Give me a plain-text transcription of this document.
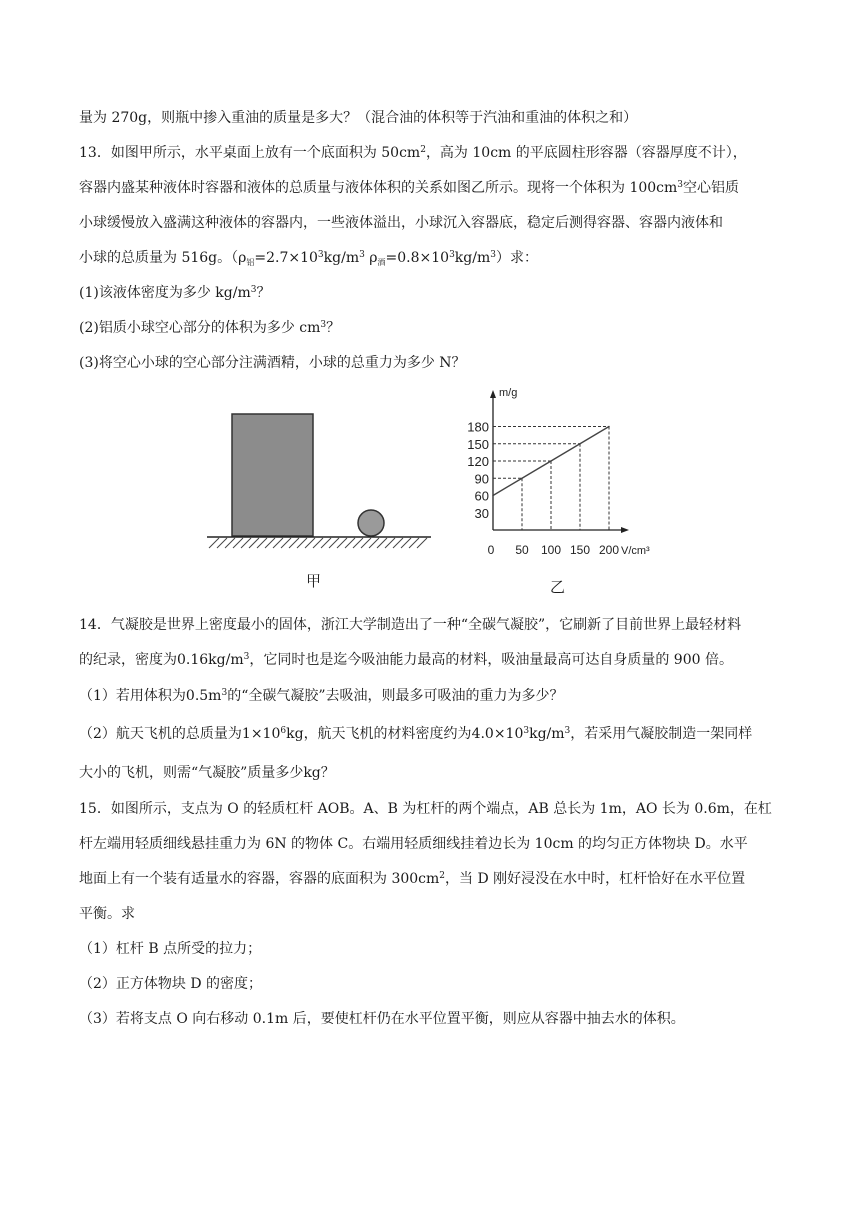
量为 270g，则瓶中掺入重油的质量是多大？（混合油的体积等于汽油和重油的体积之和）
13．如图甲所示，水平桌面上放有一个底面积为 $50cm^2$，高为 10cm 的平底圆柱形容器（容器厚度不计），
容器内盛某种液体时容器和液体的总质量与液体体积的关系如图乙所示。现将一个体积为 $100cm^3$空心铝质
小球缓慢放入盛满这种液体的容器内，一些液体溢出，小球沉入容器底，稳定后测得容器、容器内液体和
小球的总质量为 516g。（$\rho_铝=2.7\times 10^3kg/m^3$ $\rho_酒=0.8\times 10^3kg/m^3$）求：
(1)该液体密度为多少 $kg/m^3$？
(2)铝质小球空心部分的体积为多少 $cm^3$？
(3)将空心小球的空心部分注满酒精，小球的总重力为多少 N？
甲
m/g
V/cm³
30
60
90
120
150
180
0 50 100 150 200
乙
14．气凝胶是世界上密度最小的固体，浙江大学制造出了一种“全碳气凝胶”，它刷新了目前世界上最轻材料
的纪录，密度为$0.16kg/m^3$，它同时也是迄今吸油能力最高的材料，吸油量最高可达自身质量的 900 倍。
（1）若用体积为$0.5m^3$的“全碳气凝胶”去吸油，则最多可吸油的重力为多少？
（2）航天飞机的总质量为$1\times 10^6kg$，航天飞机的材料密度约为$4.0\times 10^3kg/m^3$，若采用气凝胶制造一架同样
大小的飞机，则需“气凝胶”质量多少kg？
15．如图所示，支点为 O 的轻质杠杆 AOB。A、B 为杠杆的两个端点，AB 总长为 1m，AO 长为 0.6m，在杠
杆左端用轻质细线悬挂重力为 6N 的物体 C。右端用轻质细线挂着边长为 10cm 的均匀正方体物块 D。水平
地面上有一个装有适量水的容器，容器的底面积为 $300cm^2$，当 D 刚好浸没在水中时，杠杆恰好在水平位置
平衡。求
（1）杠杆 B 点所受的拉力；
（2）正方体物块 D 的密度；
（3）若将支点 O 向右移动 0.1m 后，要使杠杆仍在水平位置平衡，则应从容器中抽去水的体积。
